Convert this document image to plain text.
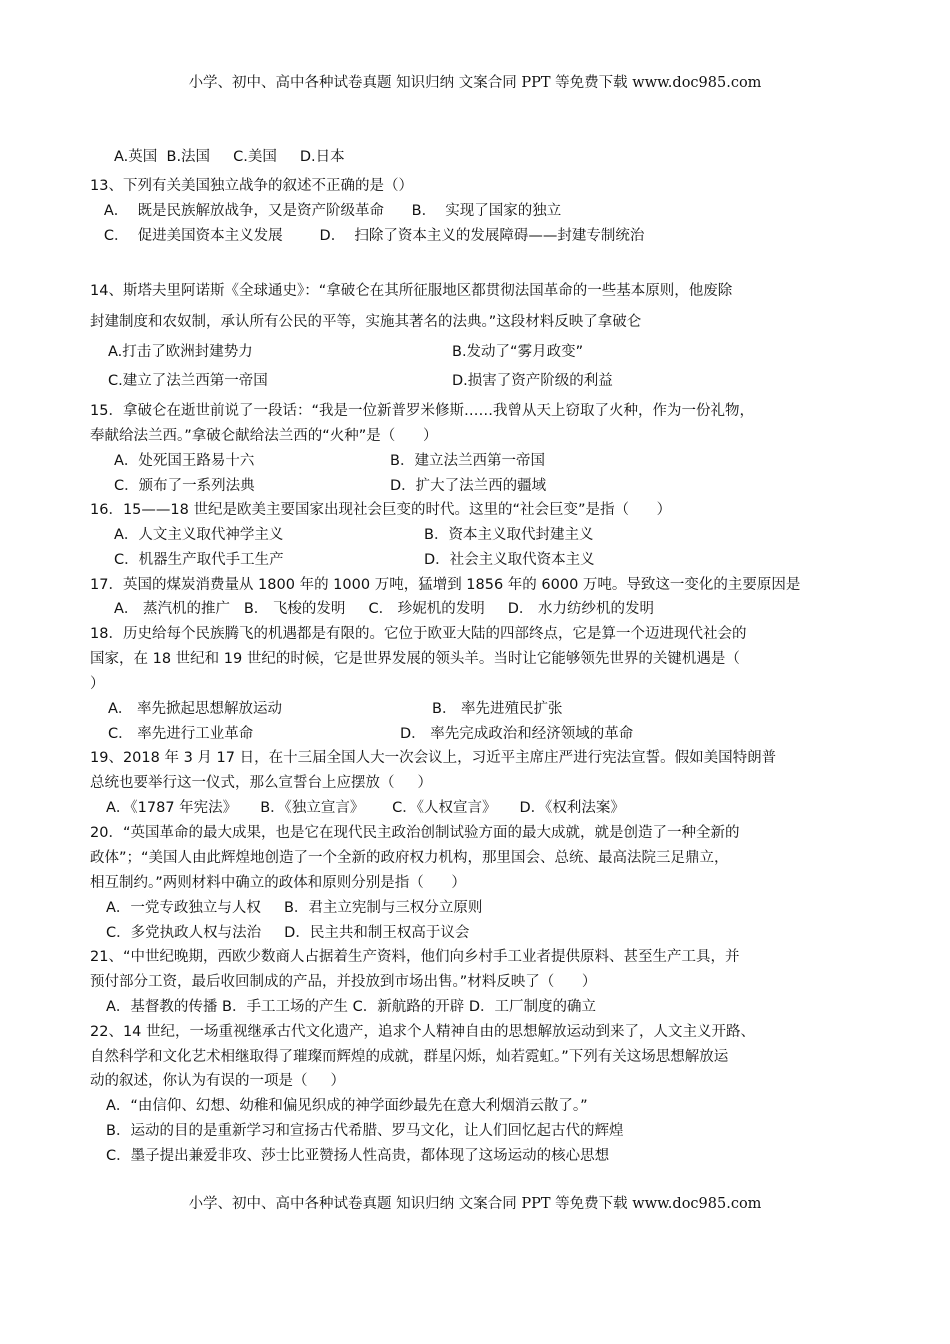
小学、初中、高中各种试卷真题 知识归纳 文案合同 PPT 等免费下载 www.doc985.com
A.英国  B.法国     C.美国     D.日本
13、下列有关美国独立战争的叙述不正确的是（）
A．  既是民族解放战争，又是资产阶级革命      B．  实现了国家的独立
C．  促进美国资本主义发展        D．  扫除了资本主义的发展障碍——封建专制统治
14、斯塔夫里阿诺斯《全球通史》：“拿破仑在其所征服地区都贯彻法国革命的一些基本原则，他废除
封建制度和农奴制，承认所有公民的平等，实施其著名的法典。”这段材料反映了拿破仑
A.打击了欧洲封建势力	B.发动了“雾月政变”
C.建立了法兰西第一帝国	D.损害了资产阶级的利益
15．拿破仑在逝世前说了一段话：“我是一位新普罗米修斯……我曾从天上窃取了火种，作为一份礼物，
奉献给法兰西。”拿破仑献给法兰西的“火种”是（      ）
A．处死国王路易十六	B．建立法兰西第一帝国
C．颁布了一系列法典	D．扩大了法兰西的疆域
16．15——18 世纪是欧美主要国家出现社会巨变的时代。这里的“社会巨变”是指（      ）
A．人文主义取代神学主义	B．资本主义取代封建主义
C．机器生产取代手工生产	D．社会主义取代资本主义
17．英国的煤炭消费量从 1800 年的 1000 万吨，猛增到 1856 年的 6000 万吨。导致这一变化的主要原因是
A． 蒸汽机的推广   B． 飞梭的发明     C． 珍妮机的发明     D． 水力纺纱机的发明
18．历史给每个民族腾飞的机遇都是有限的。它位于欧亚大陆的四部终点，它是算一个迈进现代社会的
国家，在 18 世纪和 19 世纪的时候，它是世界发展的领头羊。当时让它能够领先世界的关键机遇是（
）
A． 率先掀起思想解放运动	B． 率先进殖民扩张
C． 率先进行工业革命	D． 率先完成政治和经济领域的革命
19、2018 年 3 月 17 日，在十三届全国人大一次会议上，习近平主席庄严进行宪法宣誓。假如美国特朗普
总统也要举行这一仪式，那么宣誓台上应摆放（     ）
A．《1787 年宪法》     B．《独立宣言》      C．《人权宣言》     D．《权利法案》
20．“英国革命的最大成果，也是它在现代民主政治创制试验方面的最大成就，就是创造了一种全新的
政体”；“美国人由此辉煌地创造了一个全新的政府权力机构，那里国会、总统、最高法院三足鼎立，
相互制约。”两则材料中确立的政体和原则分别是指（      ）
A．一党专政独立与人权     B．君主立宪制与三权分立原则
C．多党执政人权与法治     D．民主共和制王权高于议会
21、“中世纪晚期，西欧少数商人占据着生产资料，他们向乡村手工业者提供原料、甚至生产工具，并
预付部分工资，最后收回制成的产品，并投放到市场出售。”材料反映了（      ）
A．基督教的传播 B．手工工场的产生 C．新航路的开辟 D．工厂制度的确立
22、14 世纪，一场重视继承古代文化遗产，追求个人精神自由的思想解放运动到来了，人文主义开路、
自然科学和文化艺术相继取得了璀璨而辉煌的成就，群星闪烁，灿若霓虹。”下列有关这场思想解放运
动的叙述，你认为有误的一项是（     ）
A．“由信仰、幻想、幼稚和偏见织成的神学面纱最先在意大利烟消云散了。”
B．运动的目的是重新学习和宣扬古代希腊、罗马文化，让人们回忆起古代的辉煌
C．墨子提出兼爱非攻、莎士比亚赞扬人性高贵，都体现了这场运动的核心思想
小学、初中、高中各种试卷真题 知识归纳 文案合同 PPT 等免费下载 www.doc985.com
